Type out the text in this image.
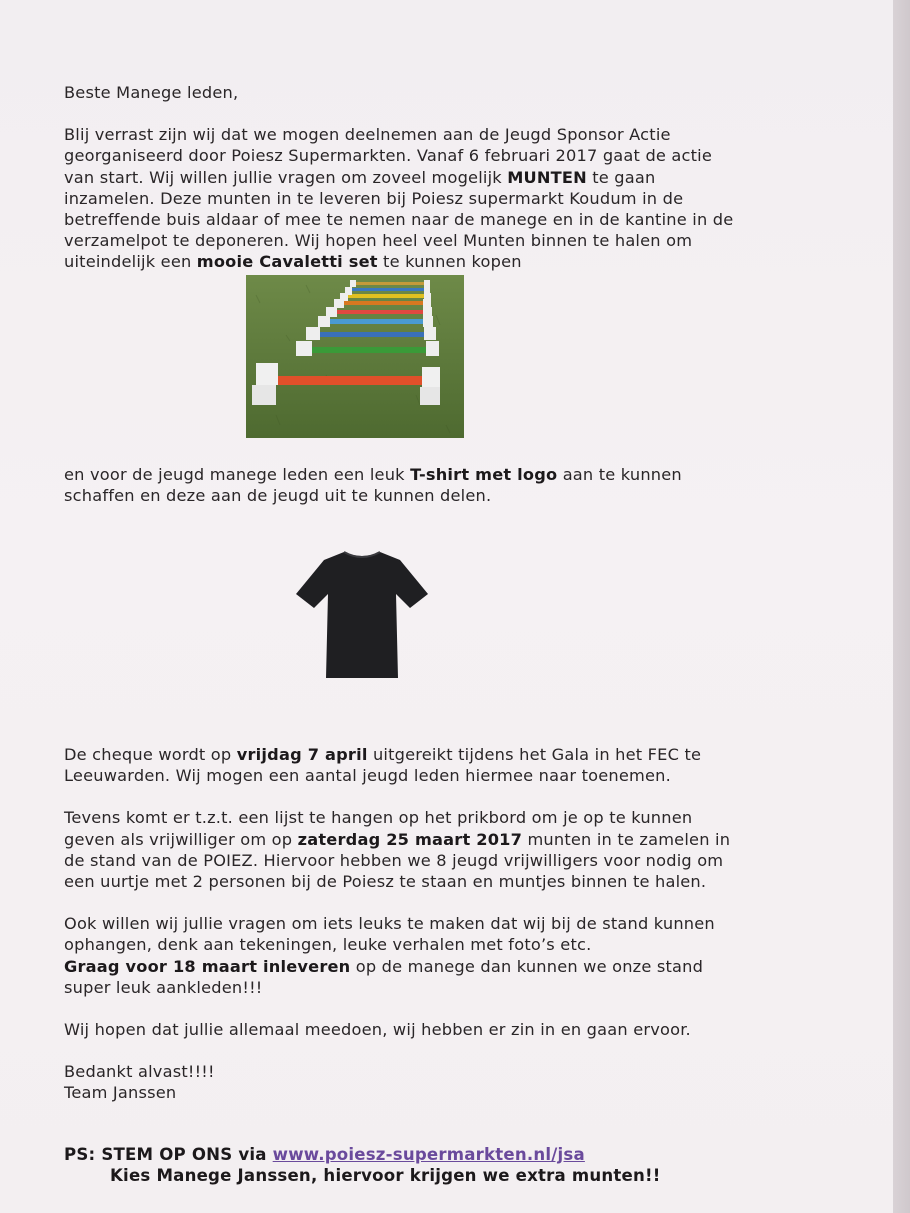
Beste Manege leden,

Blij verrast zijn wij dat we mogen deelnemen aan de Jeugd Sponsor Actie

georganiseerd door Poiesz Supermarkten. Vanaf 6 februari 2017 gaat de actie

van start. Wij willen jullie vragen om zoveel mogelijk MUNTEN te gaan

inzamelen. Deze munten in te leveren bij Poiesz supermarkt Koudum in de

betreffende buis aldaar of mee te nemen naar de manege en in de kantine in de

verzamelpot te deponeren. Wij hopen heel veel Munten binnen te halen om

uiteindelijk een mooie Cavaletti set te kunnen kopen

en voor de jeugd manege leden een leuk T-shirt met logo aan te kunnen

schaffen en deze aan de jeugd uit te kunnen delen.

De cheque wordt op vrijdag 7 april uitgereikt tijdens het Gala in het FEC te

Leeuwarden. Wij mogen een aantal jeugd leden hiermee naar toenemen.

Tevens komt er t.z.t. een lijst te hangen op het prikbord om je op te kunnen

geven als vrijwilliger om op zaterdag 25 maart 2017 munten in te zamelen in

de stand van de POIEZ. Hiervoor hebben we 8 jeugd vrijwilligers voor nodig om

een uurtje met 2 personen bij de Poiesz te staan en muntjes binnen te halen.

Ook willen wij jullie vragen om iets leuks te maken dat wij bij de stand kunnen

ophangen, denk aan tekeningen, leuke verhalen met foto’s etc.

Graag voor 18 maart inleveren op de manege dan kunnen we onze stand

super leuk aankleden!!!

Wij hopen dat jullie allemaal meedoen, wij hebben er zin in en gaan ervoor.

Bedankt alvast!!!!

Team Janssen

PS: STEM OP ONS via www.poiesz-supermarkten.nl/jsa

Kies Manege Janssen, hiervoor krijgen we extra munten!!
